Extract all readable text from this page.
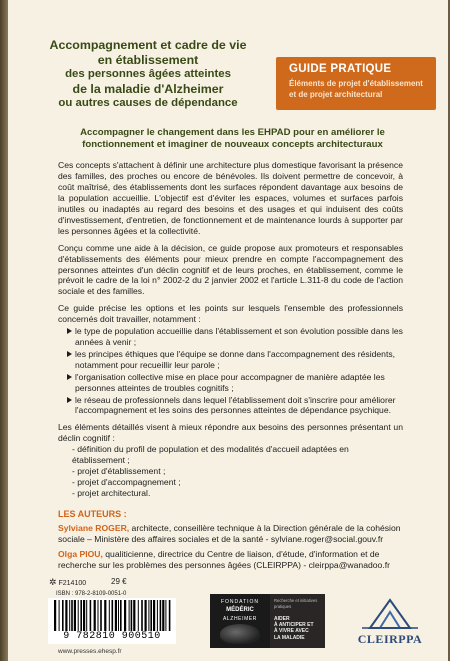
Accompagnement et cadre de vie
en établissement
des personnes âgées atteintes
de la maladie d'Alzheimer
ou autres causes de dépendance
GUIDE PRATIQUE
Éléments de projet d'établissement
et de projet architectural
Accompagner le changement dans les EHPAD pour en améliorer le
fonctionnement et imaginer de nouveaux concepts architecturaux

Ces concepts s'attachent à définir une architecture plus domestique favorisant la présence des familles, des proches ou encore de bénévoles. Ils doivent permettre de concevoir, à coût maîtrisé, des établissements dont les surfaces répondent davantage aux besoins de la population accueillie. L'objectif est d'éviter les espaces, volumes et surfaces parfois inutiles ou inadaptés au regard des besoins et des usages et qui induisent des coûts d'investissement, d'entretien, de fonctionnement et de maintenance lourds à supporter par les personnes âgées et la collectivité.

Conçu comme une aide à la décision, ce guide propose aux promoteurs et responsables d'établissements des éléments pour mieux prendre en compte l'accompagnement des personnes atteintes d'un déclin cognitif et de leurs proches, en établissement, comme le prévoit le cadre de la loi n° 2002-2 du 2 janvier 2002 et l'article L.311-8 du code de l'action sociale et des familles.

Ce guide précise les options et les points sur lesquels l'ensemble des professionnels concernés doit travailler, notamment :

le type de population accueillie dans l'établissement et son évolution possible dans les années à venir ;
les principes éthiques que l'équipe se donne dans l'accompagnement des résidents, notamment pour recueillir leur parole ;
l'organisation collective mise en place pour accompagner de manière adaptée les personnes atteintes de troubles cognitifs ;
le réseau de professionnels dans lequel l'établissement doit s'inscrire pour améliorer l'accompagnement et les soins des personnes atteintes de dépendance psychique.

Les éléments détaillés visent à mieux répondre aux besoins des personnes présentant un déclin cognitif :

- définition du profil de population et des modalités d'accueil adaptées en établissement ;
- projet d'établissement ;
- projet d'accompagnement ;
- projet architectural.
LES AUTEURS :

Sylviane ROGER, architecte, conseillère technique à la Direction générale de la cohésion sociale – Ministère des affaires sociales et de la santé - sylviane.roger@social.gouv.fr

Olga PIOU, qualiticienne, directrice du Centre de liaison, d'étude, d'information et de recherche sur les problèmes des personnes âgées (CLEIRPPA) - cleirppa@wanadoo.fr

✲ F214100	29 €
ISBN : 978-2-8109-0051-0
9 782810 900510
www.presses.ehesp.fr
FONDATION
MÉDÉRIC
ALZHEIMER
Recherche et initiatives pratiques
AIDER
À ANTICIPER ET
À VIVRE AVEC
LA MALADIE	CLEIRPPA
